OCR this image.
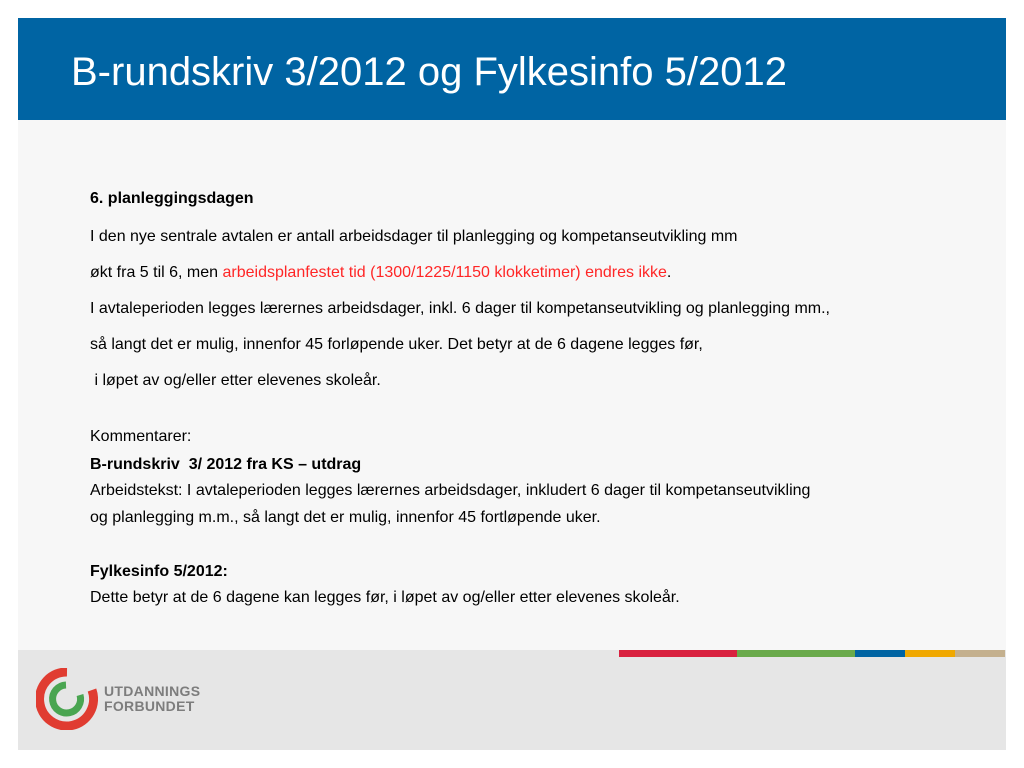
B-rundskriv 3/2012 og Fylkesinfo 5/2012

6. planleggingsdagen

I den nye sentrale avtalen er antall arbeidsdager til planlegging og kompetanseutvikling mm

økt fra 5 til 6, men arbeidsplanfestet tid (1300/1225/1150 klokketimer) endres ikke.

I avtaleperioden legges lærernes arbeidsdager, inkl. 6 dager til kompetanseutvikling og planlegging mm.,

så langt det er mulig, innenfor 45 forløpende uker. Det betyr at de 6 dagene legges før,

i løpet av og/eller etter elevenes skoleår.

Kommentarer:

B-rundskriv  3/ 2012 fra KS – utdrag

Arbeidstekst: I avtaleperioden legges lærernes arbeidsdager, inkludert 6 dager til kompetanseutvikling

og planlegging m.m., så langt det er mulig, innenfor 45 fortløpende uker.

Fylkesinfo 5/2012:

Dette betyr at de 6 dagene kan legges før, i løpet av og/eller etter elevenes skoleår.

UTDANNINGS
FORBUNDET
